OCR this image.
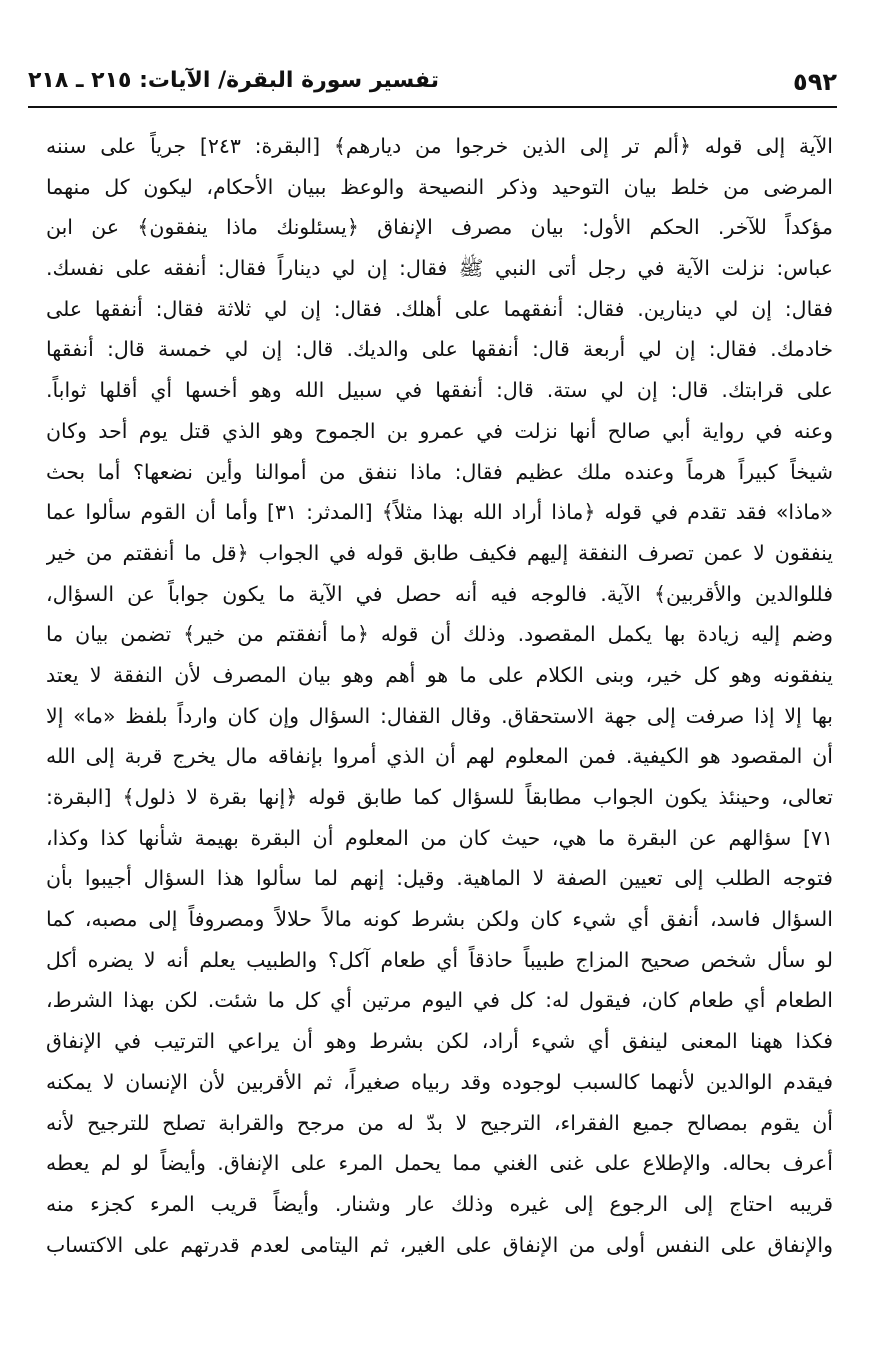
٥٩٢
تفسير سورة البقرة/ الآيات: ٢١٥ ـ ٢١٨
الآية إلى قوله ﴿ألم تر إلى الذين خرجوا من ديارهم﴾ [البقرة: ٢٤٣] جرياً على سننه
المرضى من خلط بيان التوحيد وذكر النصيحة والوعظ ببيان الأحكام، ليكون كل منهما
مؤكداً للآخر. الحكم الأول: بيان مصرف الإنفاق ﴿يسئلونك ماذا ينفقون﴾ عن ابن
عباس: نزلت الآية في رجل أتى النبي ﷺ فقال: إن لي ديناراً فقال: أنفقه على نفسك.
فقال: إن لي دينارين. فقال: أنفقهما على أهلك. فقال: إن لي ثلاثة فقال: أنفقها على
خادمك. فقال: إن لي أربعة قال: أنفقها على والديك. قال: إن لي خمسة قال: أنفقها
على قرابتك. قال: إن لي ستة. قال: أنفقها في سبيل الله وهو أخسها أي أقلها ثواباً.
وعنه في رواية أبي صالح أنها نزلت في عمرو بن الجموح وهو الذي قتل يوم أحد وكان
شيخاً كبيراً هرماً وعنده ملك عظيم فقال: ماذا ننفق من أموالنا وأين نضعها؟ أما بحث
«ماذا» فقد تقدم في قوله ﴿ماذا أراد الله بهذا مثلاً﴾ [المدثر: ٣١] وأما أن القوم سألوا عما
ينفقون لا عمن تصرف النفقة إليهم فكيف طابق قوله في الجواب ﴿قل ما أنفقتم من خير
فللوالدين والأقربين﴾ الآية. فالوجه فيه أنه حصل في الآية ما يكون جواباً عن السؤال،
وضم إليه زيادة بها يكمل المقصود. وذلك أن قوله ﴿ما أنفقتم من خير﴾ تضمن بيان ما
ينفقونه وهو كل خير، وبنى الكلام على ما هو أهم وهو بيان المصرف لأن النفقة لا يعتد
بها إلا إذا صرفت إلى جهة الاستحقاق. وقال القفال: السؤال وإن كان وارداً بلفظ «ما» إلا
أن المقصود هو الكيفية. فمن المعلوم لهم أن الذي أمروا بإنفاقه مال يخرج قربة إلى الله
تعالى، وحينئذ يكون الجواب مطابقاً للسؤال كما طابق قوله ﴿إنها بقرة لا ذلول﴾ [البقرة:
٧١] سؤالهم عن البقرة ما هي، حيث كان من المعلوم أن البقرة بهيمة شأنها كذا وكذا،
فتوجه الطلب إلى تعيين الصفة لا الماهية. وقيل: إنهم لما سألوا هذا السؤال أجيبوا بأن
السؤال فاسد، أنفق أي شيء كان ولكن بشرط كونه مالاً حلالاً ومصروفاً إلى مصبه، كما
لو سأل شخص صحيح المزاج طبيباً حاذقاً أي طعام آكل؟ والطبيب يعلم أنه لا يضره أكل
الطعام أي طعام كان، فيقول له: كل في اليوم مرتين أي كل ما شئت. لكن بهذا الشرط،
فكذا ههنا المعنى لينفق أي شيء أراد، لكن بشرط وهو أن يراعي الترتيب في الإنفاق
فيقدم الوالدين لأنهما كالسبب لوجوده وقد ربياه صغيراً، ثم الأقربين لأن الإنسان لا يمكنه
أن يقوم بمصالح جميع الفقراء، الترجيح لا بدّ له من مرجح والقرابة تصلح للترجيح لأنه
أعرف بحاله. والإطلاع على غنى الغني مما يحمل المرء على الإنفاق. وأيضاً لو لم يعطه
قريبه احتاج إلى الرجوع إلى غيره وذلك عار وشنار. وأيضاً قريب المرء كجزء منه
والإنفاق على النفس أولى من الإنفاق على الغير، ثم اليتامى لعدم قدرتهم على الاكتساب
